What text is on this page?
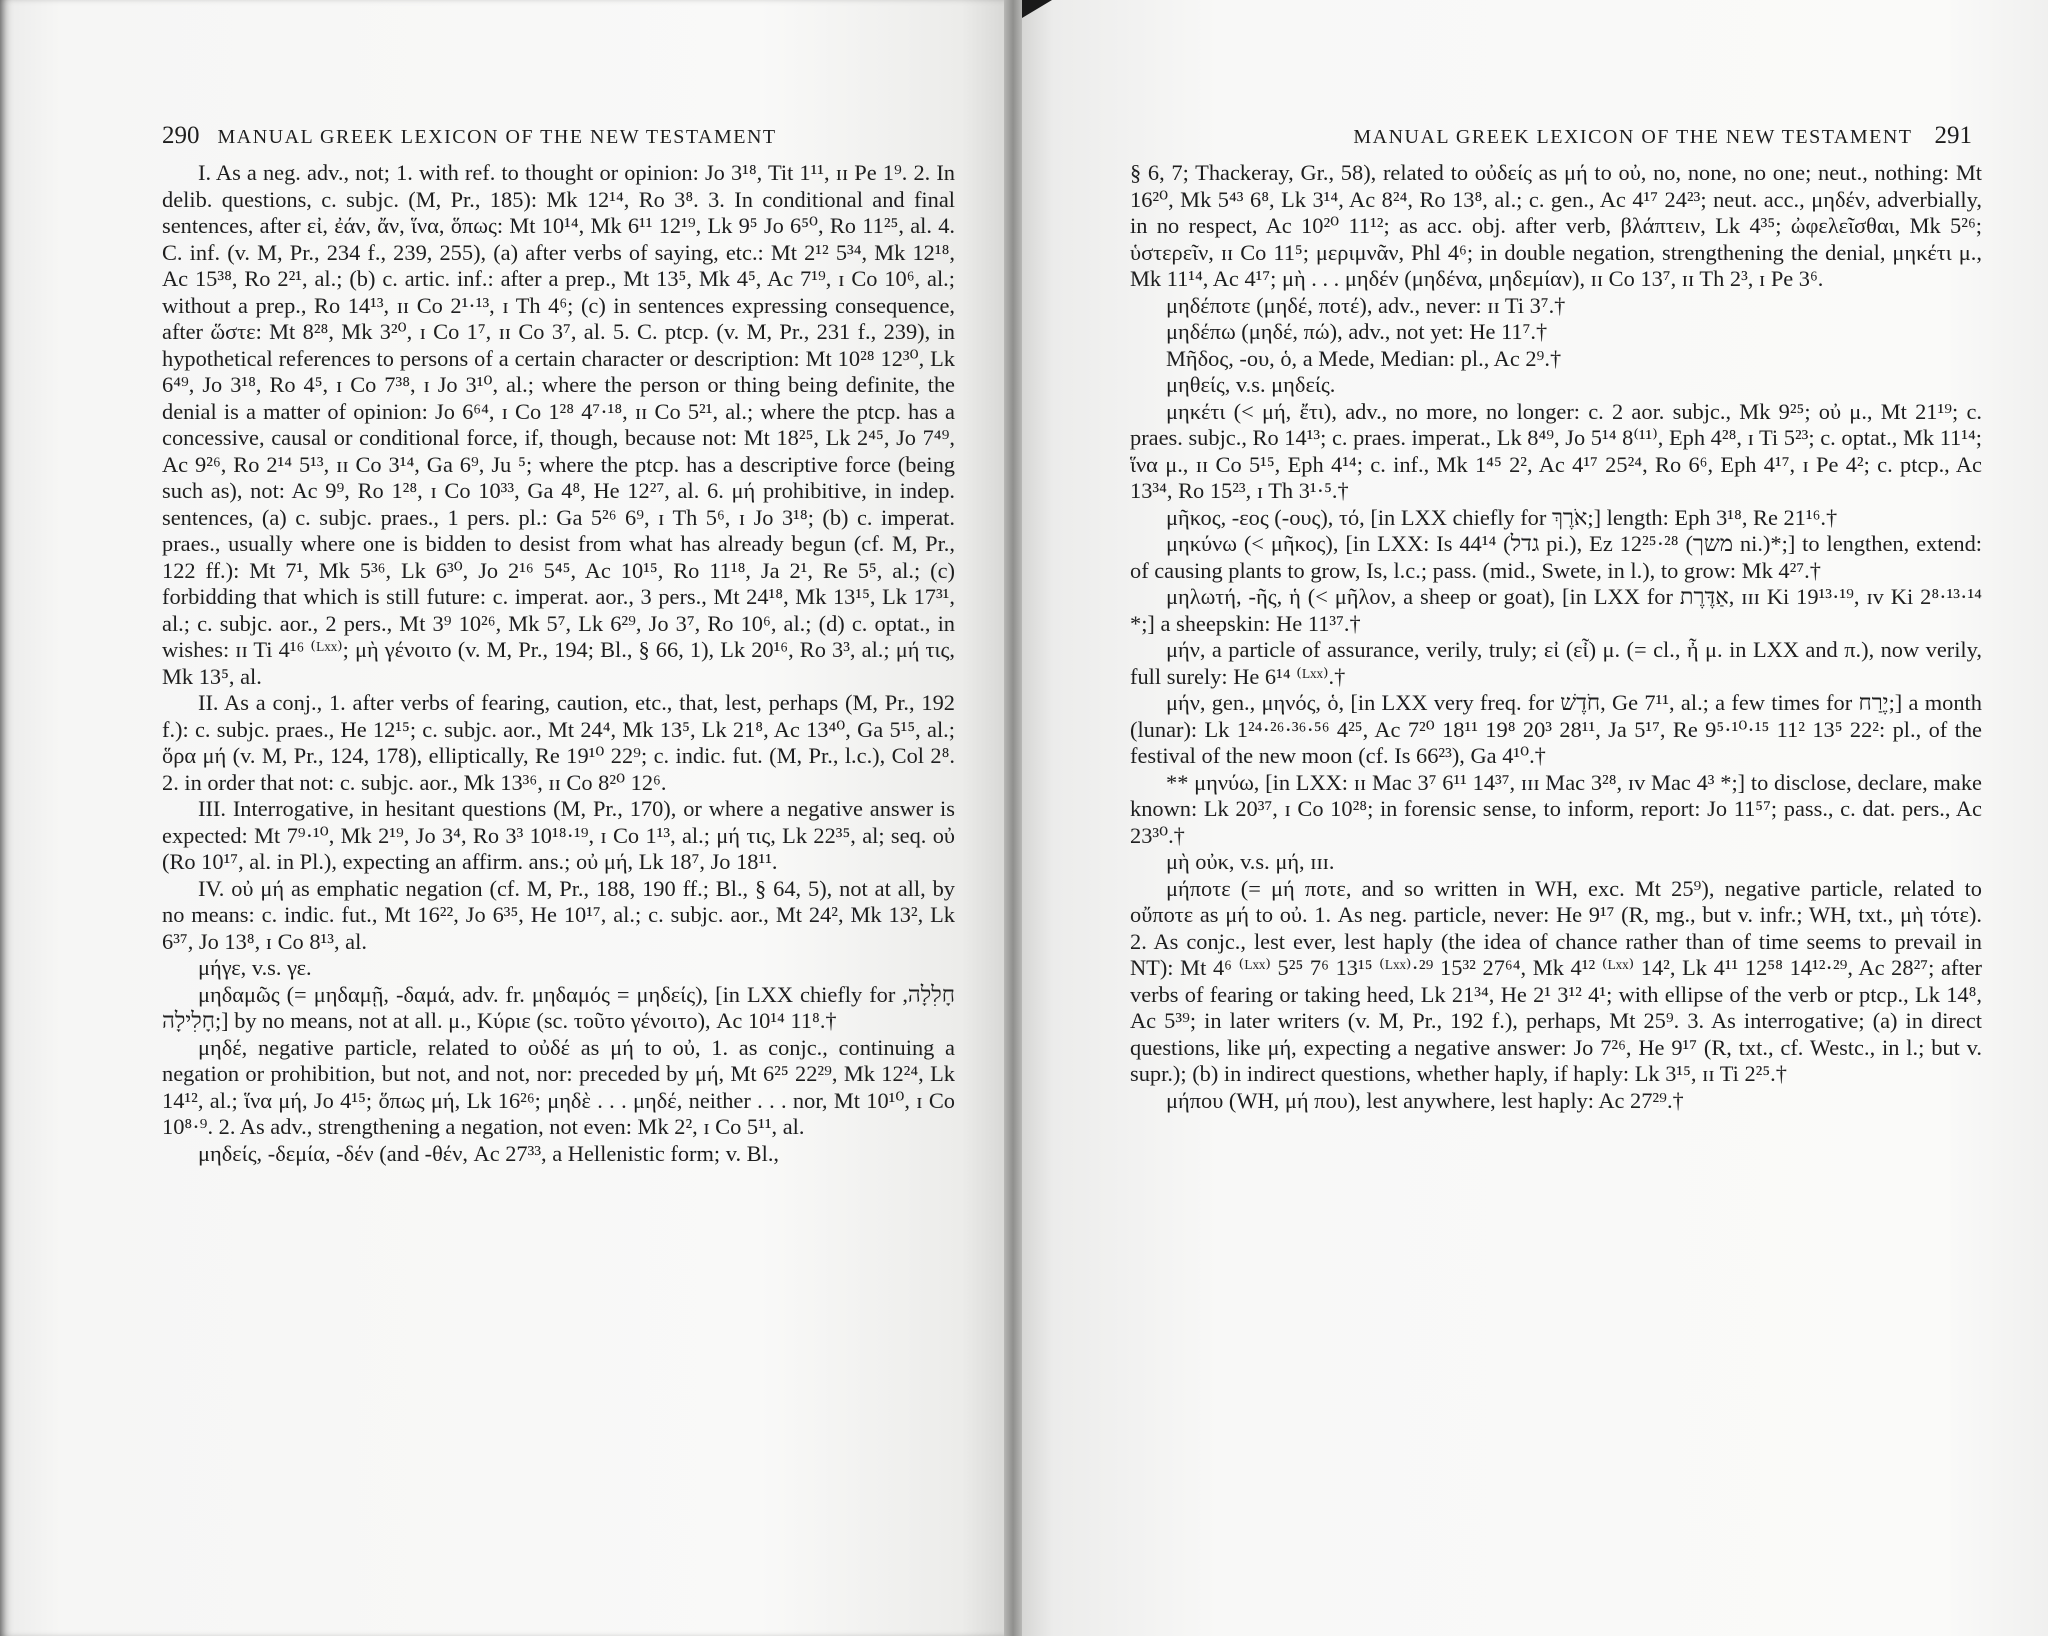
290 MANUAL GREEK LEXICON OF THE NEW TESTAMENT

I. As a neg. adv., not; 1. with ref. to thought or opinion: Jo 3¹⁸, Tit 1¹¹, ɪɪ Pe 1⁹. 2. In delib. questions, c. subjc. (M, Pr., 185): Mk 12¹⁴, Ro 3⁸. 3. In conditional and final sentences, after εἰ, ἐάν, ἄν, ἵνα, ὅπως: Mt 10¹⁴, Mk 6¹¹ 12¹⁹, Lk 9⁵ Jo 6⁵⁰, Ro 11²⁵, al. 4. C. inf. (v. M, Pr., 234 f., 239, 255), (a) after verbs of saying, etc.: Mt 2¹² 5³⁴, Mk 12¹⁸, Ac 15³⁸, Ro 2²¹, al.; (b) c. artic. inf.: after a prep., Mt 13⁵, Mk 4⁵, Ac 7¹⁹, ɪ Co 10⁶, al.; without a prep., Ro 14¹³, ɪɪ Co 2¹·¹³, ɪ Th 4⁶; (c) in sentences expressing consequence, after ὥστε: Mt 8²⁸, Mk 3²⁰, ɪ Co 1⁷, ɪɪ Co 3⁷, al. 5. C. ptcp. (v. M, Pr., 231 f., 239), in hypothetical references to persons of a certain character or description: Mt 10²⁸ 12³⁰, Lk 6⁴⁹, Jo 3¹⁸, Ro 4⁵, ɪ Co 7³⁸, ɪ Jo 3¹⁰, al.; where the person or thing being definite, the denial is a matter of opinion: Jo 6⁶⁴, ɪ Co 1²⁸ 4⁷·¹⁸, ɪɪ Co 5²¹, al.; where the ptcp. has a concessive, causal or conditional force, if, though, because not: Mt 18²⁵, Lk 2⁴⁵, Jo 7⁴⁹, Ac 9²⁶, Ro 2¹⁴ 5¹³, ɪɪ Co 3¹⁴, Ga 6⁹, Ju ⁵; where the ptcp. has a descriptive force (being such as), not: Ac 9⁹, Ro 1²⁸, ɪ Co 10³³, Ga 4⁸, He 12²⁷, al. 6. μή prohibitive, in indep. sentences, (a) c. subjc. praes., 1 pers. pl.: Ga 5²⁶ 6⁹, ɪ Th 5⁶, ɪ Jo 3¹⁸; (b) c. imperat. praes., usually where one is bidden to desist from what has already begun (cf. M, Pr., 122 ff.): Mt 7¹, Mk 5³⁶, Lk 6³⁰, Jo 2¹⁶ 5⁴⁵, Ac 10¹⁵, Ro 11¹⁸, Ja 2¹, Re 5⁵, al.; (c) forbidding that which is still future: c. imperat. aor., 3 pers., Mt 24¹⁸, Mk 13¹⁵, Lk 17³¹, al.; c. subjc. aor., 2 pers., Mt 3⁹ 10²⁶, Mk 5⁷, Lk 6²⁹, Jo 3⁷, Ro 10⁶, al.; (d) c. optat., in wishes: ɪɪ Ti 4¹⁶ ⁽ᴸˣˣ⁾; μὴ γένοιτο (v. M, Pr., 194; Bl., § 66, 1), Lk 20¹⁶, Ro 3³, al.; μή τις, Mk 13⁵, al.

II. As a conj., 1. after verbs of fearing, caution, etc., that, lest, perhaps (M, Pr., 192 f.): c. subjc. praes., He 12¹⁵; c. subjc. aor., Mt 24⁴, Mk 13⁵, Lk 21⁸, Ac 13⁴⁰, Ga 5¹⁵, al.; ὅρα μή (v. M, Pr., 124, 178), elliptically, Re 19¹⁰ 22⁹; c. indic. fut. (M, Pr., l.c.), Col 2⁸. 2. in order that not: c. subjc. aor., Mk 13³⁶, ɪɪ Co 8²⁰ 12⁶.

III. Interrogative, in hesitant questions (M, Pr., 170), or where a negative answer is expected: Mt 7⁹·¹⁰, Mk 2¹⁹, Jo 3⁴, Ro 3³ 10¹⁸·¹⁹, ɪ Co 1¹³, al.; μή τις, Lk 22³⁵, al; seq. οὐ (Ro 10¹⁷, al. in Pl.), expecting an affirm. ans.; οὐ μή, Lk 18⁷, Jo 18¹¹.

IV. οὐ μή as emphatic negation (cf. M, Pr., 188, 190 ff.; Bl., § 64, 5), not at all, by no means: c. indic. fut., Mt 16²², Jo 6³⁵, He 10¹⁷, al.; c. subjc. aor., Mt 24², Mk 13², Lk 6³⁷, Jo 13⁸, ɪ Co 8¹³, al.

μήγε, v.s. γε.

μηδαμῶς (= μηδαμῇ, -δαμά, adv. fr. μηδαμός = μηδείς), [in LXX chiefly for חָלִלָה, חָלִילָה;] by no means, not at all. μ., Κύριε (sc. τοῦτο γένοιτο), Ac 10¹⁴ 11⁸.†

μηδέ, negative particle, related to οὐδέ as μή to οὐ, 1. as conjc., continuing a negation or prohibition, but not, and not, nor: preceded by μή, Mt 6²⁵ 22²⁹, Mk 12²⁴, Lk 14¹², al.; ἵνα μή, Jo 4¹⁵; ὅπως μή, Lk 16²⁶; μηδὲ . . . μηδέ, neither . . . nor, Mt 10¹⁰, ɪ Co 10⁸·⁹. 2. As adv., strengthening a negation, not even: Mk 2², ɪ Co 5¹¹, al.

μηδείς, -δεμία, -δέν (and -θέν, Ac 27³³, a Hellenistic form; v. Bl.,

MANUAL GREEK LEXICON OF THE NEW TESTAMENT 291

§ 6, 7; Thackeray, Gr., 58), related to οὐδείς as μή to οὐ, no, none, no one; neut., nothing: Mt 16²⁰, Mk 5⁴³ 6⁸, Lk 3¹⁴, Ac 8²⁴, Ro 13⁸, al.; c. gen., Ac 4¹⁷ 24²³; neut. acc., μηδέν, adverbially, in no respect, Ac 10²⁰ 11¹²; as acc. obj. after verb, βλάπτειν, Lk 4³⁵; ὠφελεῖσθαι, Mk 5²⁶; ὑστερεῖν, ɪɪ Co 11⁵; μεριμνᾶν, Phl 4⁶; in double negation, strengthening the denial, μηκέτι μ., Mk 11¹⁴, Ac 4¹⁷; μὴ . . . μηδέν (μηδένα, μηδεμίαν), ɪɪ Co 13⁷, ɪɪ Th 2³, ɪ Pe 3⁶.

μηδέποτε (μηδέ, ποτέ), adv., never: ɪɪ Ti 3⁷.†

μηδέπω (μηδέ, πώ), adv., not yet: He 11⁷.†

Μῆδος, -ου, ὁ, a Mede, Median: pl., Ac 2⁹.†

μηθείς, v.s. μηδείς.

μηκέτι (< μή, ἔτι), adv., no more, no longer: c. 2 aor. subjc., Mk 9²⁵; οὐ μ., Mt 21¹⁹; c. praes. subjc., Ro 14¹³; c. praes. imperat., Lk 8⁴⁹, Jo 5¹⁴ 8⁽¹¹⁾, Eph 4²⁸, ɪ Ti 5²³; c. optat., Mk 11¹⁴; ἵνα μ., ɪɪ Co 5¹⁵, Eph 4¹⁴; c. inf., Mk 1⁴⁵ 2², Ac 4¹⁷ 25²⁴, Ro 6⁶, Eph 4¹⁷, ɪ Pe 4²; c. ptcp., Ac 13³⁴, Ro 15²³, ɪ Th 3¹·⁵.†

μῆκος, -εος (-ους), τό, [in LXX chiefly for אֹרֶךְ;] length: Eph 3¹⁸, Re 21¹⁶.†

μηκύνω (< μῆκος), [in LXX: Is 44¹⁴ (גדל pi.), Ez 12²⁵·²⁸ (משך ni.)*;] to lengthen, extend: of causing plants to grow, Is, l.c.; pass. (mid., Swete, in l.), to grow: Mk 4²⁷.†

μηλωτή, -ῆς, ἡ (< μῆλον, a sheep or goat), [in LXX for אַדֶּרֶת, ɪɪɪ Ki 19¹³·¹⁹, ɪᴠ Ki 2⁸·¹³·¹⁴ *;] a sheepskin: He 11³⁷.†

μήν, a particle of assurance, verily, truly; εἰ (εἶ) μ. (= cl., ἦ μ. in LXX and π.), now verily, full surely: He 6¹⁴ ⁽ᴸˣˣ⁾.†

μήν, gen., μηνός, ὁ, [in LXX very freq. for חֹדֶשׁ, Ge 7¹¹, al.; a few times for יֶרַח;] a month (lunar): Lk 1²⁴·²⁶·³⁶·⁵⁶ 4²⁵, Ac 7²⁰ 18¹¹ 19⁸ 20³ 28¹¹, Ja 5¹⁷, Re 9⁵·¹⁰·¹⁵ 11² 13⁵ 22²: pl., of the festival of the new moon (cf. Is 66²³), Ga 4¹⁰.†

** μηνύω, [in LXX: ɪɪ Mac 3⁷ 6¹¹ 14³⁷, ɪɪɪ Mac 3²⁸, ɪᴠ Mac 4³ *;] to disclose, declare, make known: Lk 20³⁷, ɪ Co 10²⁸; in forensic sense, to inform, report: Jo 11⁵⁷; pass., c. dat. pers., Ac 23³⁰.†

μὴ οὐκ, v.s. μή, ɪɪɪ.

μήποτε (= μή ποτε, and so written in WH, exc. Mt 25⁹), negative particle, related to οὔποτε as μή to οὐ. 1. As neg. particle, never: He 9¹⁷ (R, mg., but v. infr.; WH, txt., μὴ τότε). 2. As conjc., lest ever, lest haply (the idea of chance rather than of time seems to prevail in NT): Mt 4⁶ ⁽ᴸˣˣ⁾ 5²⁵ 7⁶ 13¹⁵ ⁽ᴸˣˣ⁾·²⁹ 15³² 27⁶⁴, Mk 4¹² ⁽ᴸˣˣ⁾ 14², Lk 4¹¹ 12⁵⁸ 14¹²·²⁹, Ac 28²⁷; after verbs of fearing or taking heed, Lk 21³⁴, He 2¹ 3¹² 4¹; with ellipse of the verb or ptcp., Lk 14⁸, Ac 5³⁹; in later writers (v. M, Pr., 192 f.), perhaps, Mt 25⁹. 3. As interrogative; (a) in direct questions, like μή, expecting a negative answer: Jo 7²⁶, He 9¹⁷ (R, txt., cf. Westc., in l.; but v. supr.); (b) in indirect questions, whether haply, if haply: Lk 3¹⁵, ɪɪ Ti 2²⁵.†

μήπου (WH, μή που), lest anywhere, lest haply: Ac 27²⁹.†
